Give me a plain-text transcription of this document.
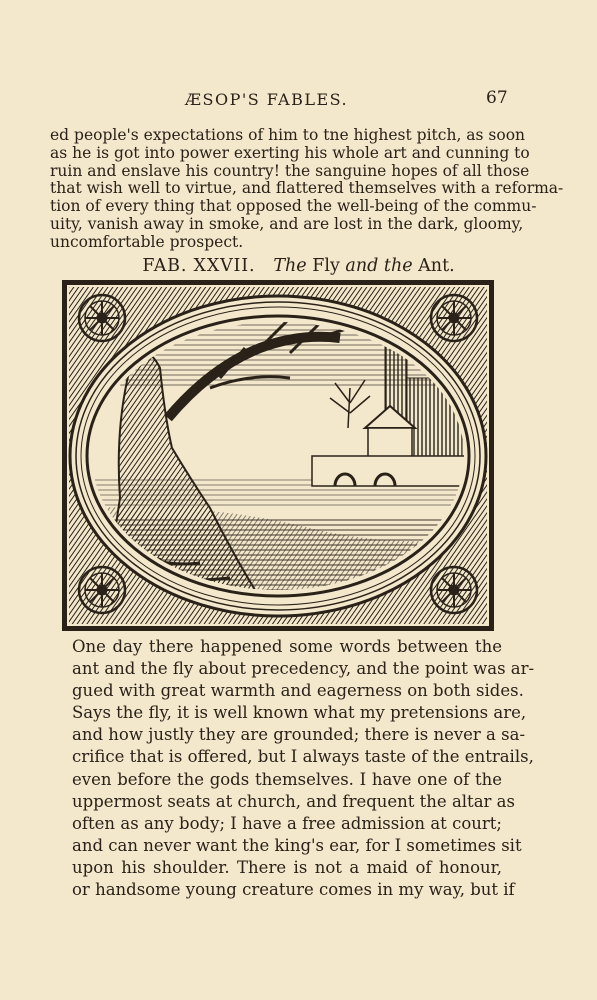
ÆSOP'S FABLES.	67
ed people's expectations of him to tne highest pitch, as soon
as he is got into power exerting his whole art and cunning to
ruin and enslave his country! the sanguine hopes of all those
that wish well to virtue, and flattered themselves with a reforma-
tion of every thing that opposed the well-being of the commu-
uity, vanish away in smoke, and are lost in the dark, gloomy,
uncomfortable prospect.
FAB. XXVII. The Fly and the Ant.
One day there happened some words between the
ant and the fly about precedency, and the point was ar-
gued with great warmth and eagerness on both sides.
Says the fly, it is well known what my pretensions are,
and how justly they are grounded; there is never a sa-
crifice that is offered, but I always taste of the entrails,
even before the gods themselves. I have one of the
uppermost seats at church, and frequent the altar as
often as any body; I have a free admission at court;
and can never want the king's ear, for I sometimes sit
upon his shoulder. There is not a maid of honour,
or handsome young creature comes in my way, but if
